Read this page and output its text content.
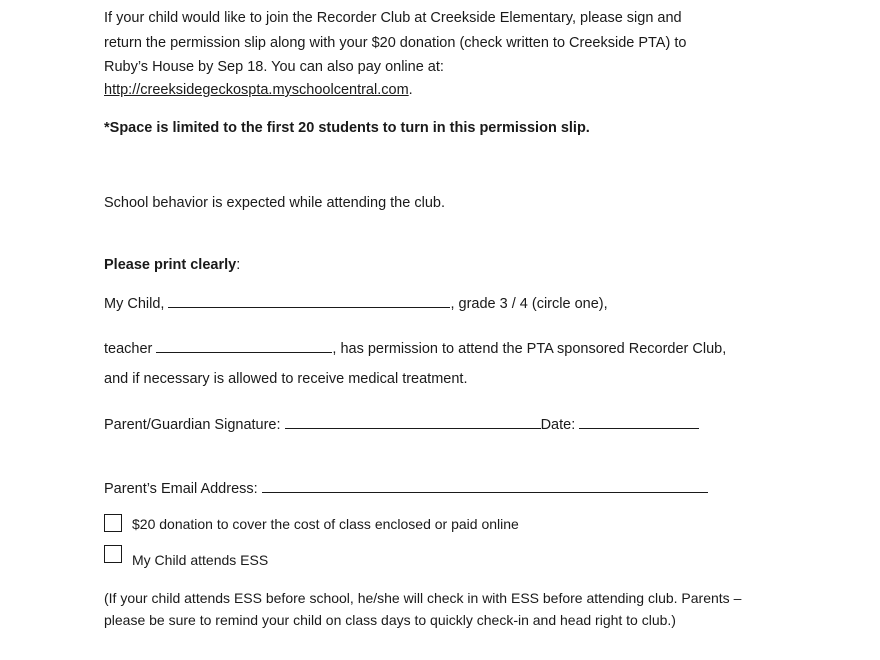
If your child would like to join the Recorder Club at Creekside Elementary, please sign and
return the permission slip along with your $20 donation (check written to Creekside PTA) to
Ruby’s House by Sep 18. You can also pay online at:
http://creeksidegeckospta.myschoolcentral.com.
*Space is limited to the first 20 students to turn in this permission slip.
School behavior is expected while attending the club.
Please print clearly:
My Child,	, grade 3 / 4 (circle one),
teacher	, has permission to attend the PTA sponsored Recorder Club,
and if necessary is allowed to receive medical treatment.
Parent/Guardian Signature:	Date:
Parent’s Email Address:
$20 donation to cover the cost of class enclosed or paid online
My Child attends ESS
(If your child attends ESS before school, he/she will check in with ESS before attending club. Parents –
please be sure to remind your child on class days to quickly check-in and head right to club.)
